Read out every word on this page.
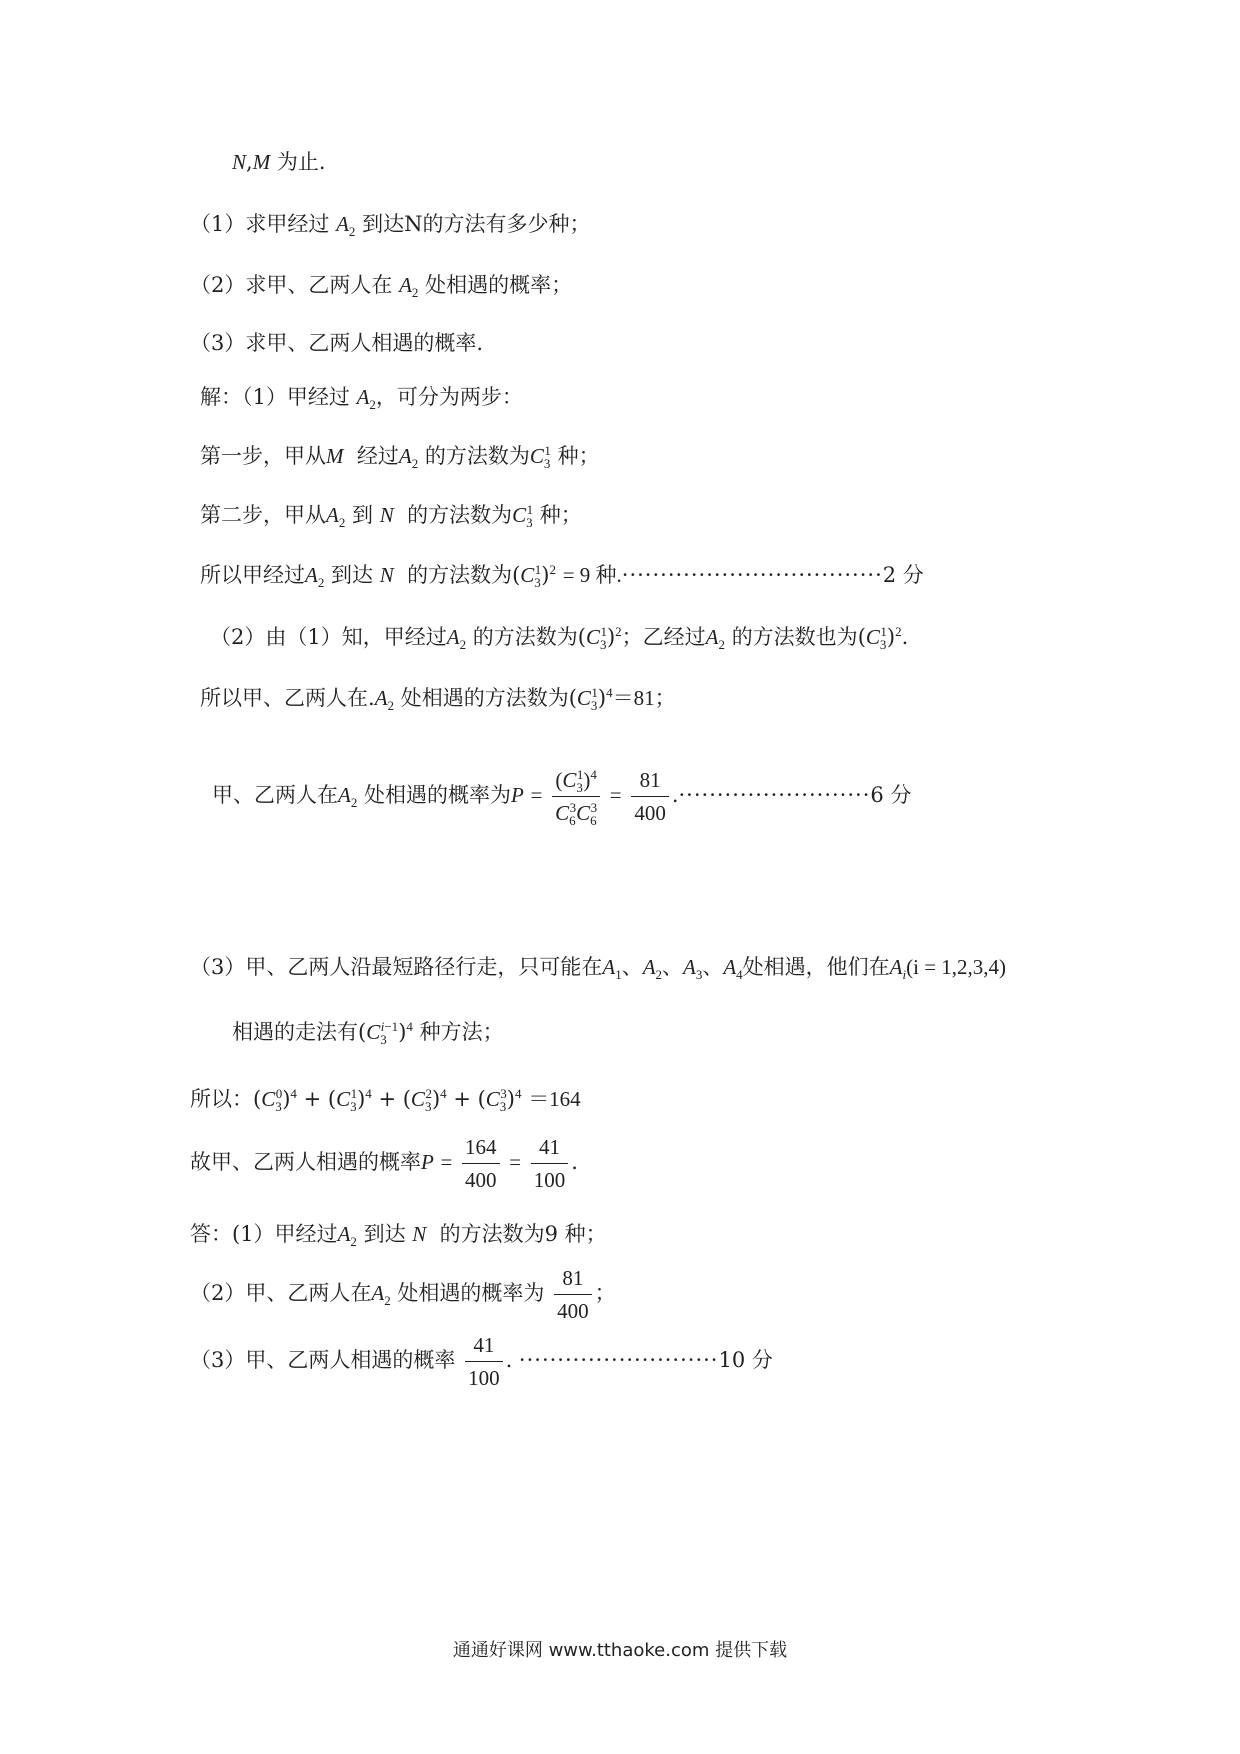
N,M 为止.
（1）求甲经过 $A_2$ 到达N的方法有多少种；
（2）求甲、乙两人在 $A_2$ 处相遇的概率；
（3）求甲、乙两人相遇的概率.
解：（1）甲经过 $A_2$，可分为两步：
第一步，甲从M 经过$A_2$ 的方法数为$C_3^1$ 种；
第二步，甲从$A_2$ 到 N 的方法数为$C_3^1$ 种；
所以甲经过$A_2$ 到达 N 的方法数为$(C_3^1)^2 = 9$ 种.··································2 分
（2）由（1）知，甲经过$A_2$ 的方法数为$(C_3^1)^2$；乙经过$A_2$ 的方法数也为$(C_3^1)^2$.
所以甲、乙两人在$.A_2$ 处相遇的方法数为$(C_3^1)^4=81$；
甲、乙两人在$A_2$ 处相遇的概率为$P = \frac{(C_3^1)^4}{C_6^3C_6^3} = \frac{81}{400} .\cdot\cdot\cdot\cdot\cdot\cdot\cdot\cdot\cdot\cdot\cdot\cdot\cdot\cdot\cdot\cdot\cdot\cdot\cdot\cdot\cdot\cdot\cdot\cdot\cdot 6$ 分
（3）甲、乙两人沿最短路径行走，只可能在$A_1$、$A_2$、$A_3$、$A_4$处相遇，他们在$A_i(i = 1,2,3,4)$
相遇的走法有$(C_3^{i-1})^4$ 种方法；
所以：$(C_3^0)^4 + (C_3^1)^4 + (C_3^2)^4 + (C_3^3)^4 =164$
故甲、乙两人相遇的概率$P = \frac{164}{400} = \frac{41}{100}$ .
答：(1）甲经过$A_2$ 到达 N 的方法数为9 种；
（2）甲、乙两人在$A_2$ 处相遇的概率为 $\frac{81}{400}$ ；
（3）甲、乙两人相遇的概率 $\frac{41}{100}$ . ··························10 分
通通好课网 www.tthaoke.com 提供下载
